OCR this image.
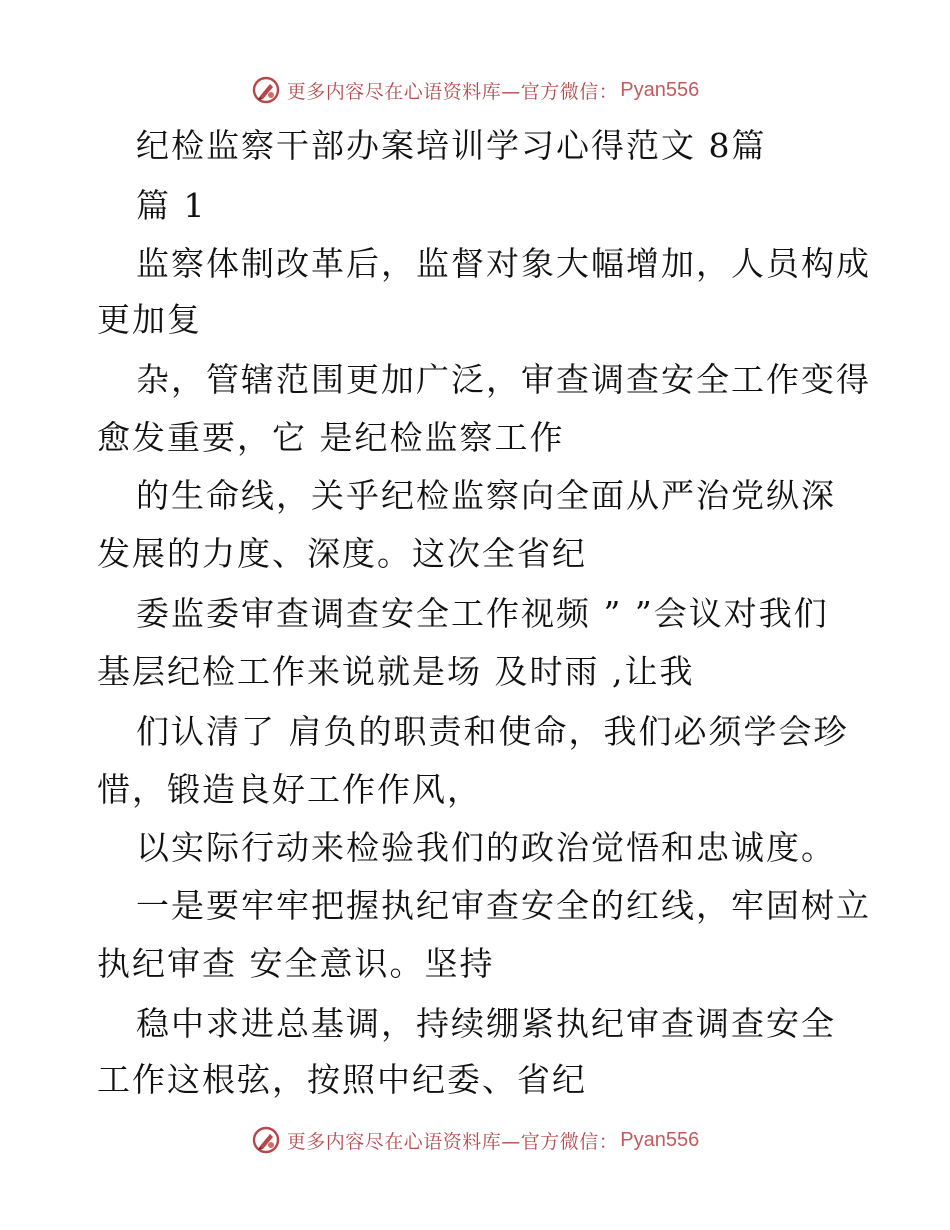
更多内容尽在心语资料库—官方微信： Pyan556
纪检监察干部办案培训学习心得范文 8篇
篇 1
监察体制改革后，监督对象大幅增加，人员构成
更加复
杂，管辖范围更加广泛，审查调查安全工作变得
愈发重要，它 是纪检监察工作
的生命线，关乎纪检监察向全面从严治党纵深
发展的力度、深度。这次全省纪
委监委审查调查安全工作视频 ” ”会议对我们
基层纪检工作来说就是场 及时雨 ,让我
们认清了 肩负的职责和使命，我们必须学会珍
惜，锻造良好工作作风，
以实际行动来检验我们的政治觉悟和忠诚度。
一是要牢牢把握执纪审查安全的红线，牢固树立
执纪审查 安全意识。坚持
稳中求进总基调，持续绷紧执纪审查调查安全
工作这根弦，按照中纪委、省纪
更多内容尽在心语资料库—官方微信： Pyan556
